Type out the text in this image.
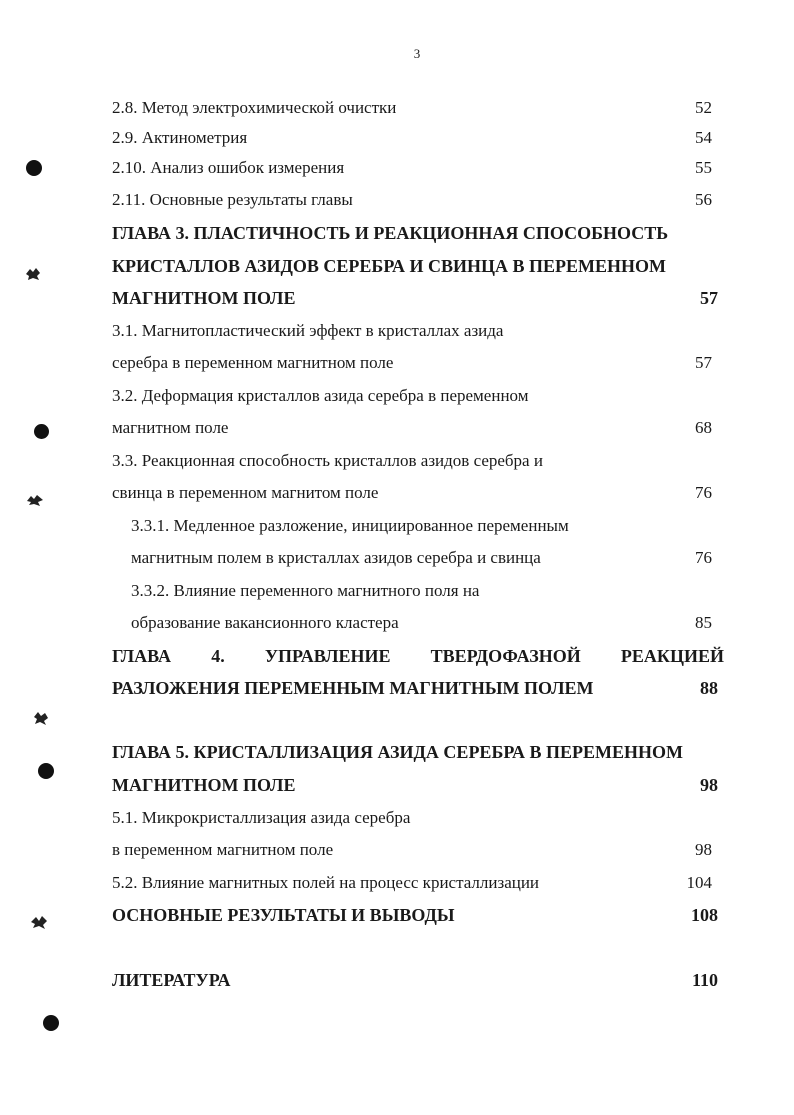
3
2.8. Метод электрохимической очистки	52
2.9. Актинометрия	54
2.10. Анализ ошибок измерения	55
2.11. Основные результаты главы	56
ГЛАВА 3. ПЛАСТИЧНОСТЬ И РЕАКЦИОННАЯ СПОСОБНОСТЬ
КРИСТАЛЛОВ АЗИДОВ СЕРЕБРА И СВИНЦА В ПЕРЕМЕННОМ
МАГНИТНОМ ПОЛЕ	57
3.1. Магнитопластический эффект в кристаллах азида
серебра в переменном магнитном поле	57
3.2. Деформация кристаллов азида серебра в переменном
магнитном поле	68
3.3. Реакционная способность кристаллов азидов серебра и
свинца в переменном магнитом поле	76
3.3.1. Медленное разложение, инициированное переменным
магнитным полем в кристаллах азидов серебра и свинца	76
3.3.2. Влияние переменного магнитного поля на
образование вакансионного кластера	85
ГЛАВА 4. УПРАВЛЕНИЕ ТВЕРДОФАЗНОЙ РЕАКЦИЕЙ
РАЗЛОЖЕНИЯ ПЕРЕМЕННЫМ МАГНИТНЫМ ПОЛЕМ	88
ГЛАВА 5. КРИСТАЛЛИЗАЦИЯ АЗИДА СЕРЕБРА В ПЕРЕМЕННОМ
МАГНИТНОМ ПОЛЕ	98
5.1. Микрокристаллизация азида серебра
в переменном магнитном поле	98
5.2. Влияние магнитных полей на процесс кристаллизации	104
ОСНОВНЫЕ РЕЗУЛЬТАТЫ И ВЫВОДЫ	108
ЛИТЕРАТУРА	110
